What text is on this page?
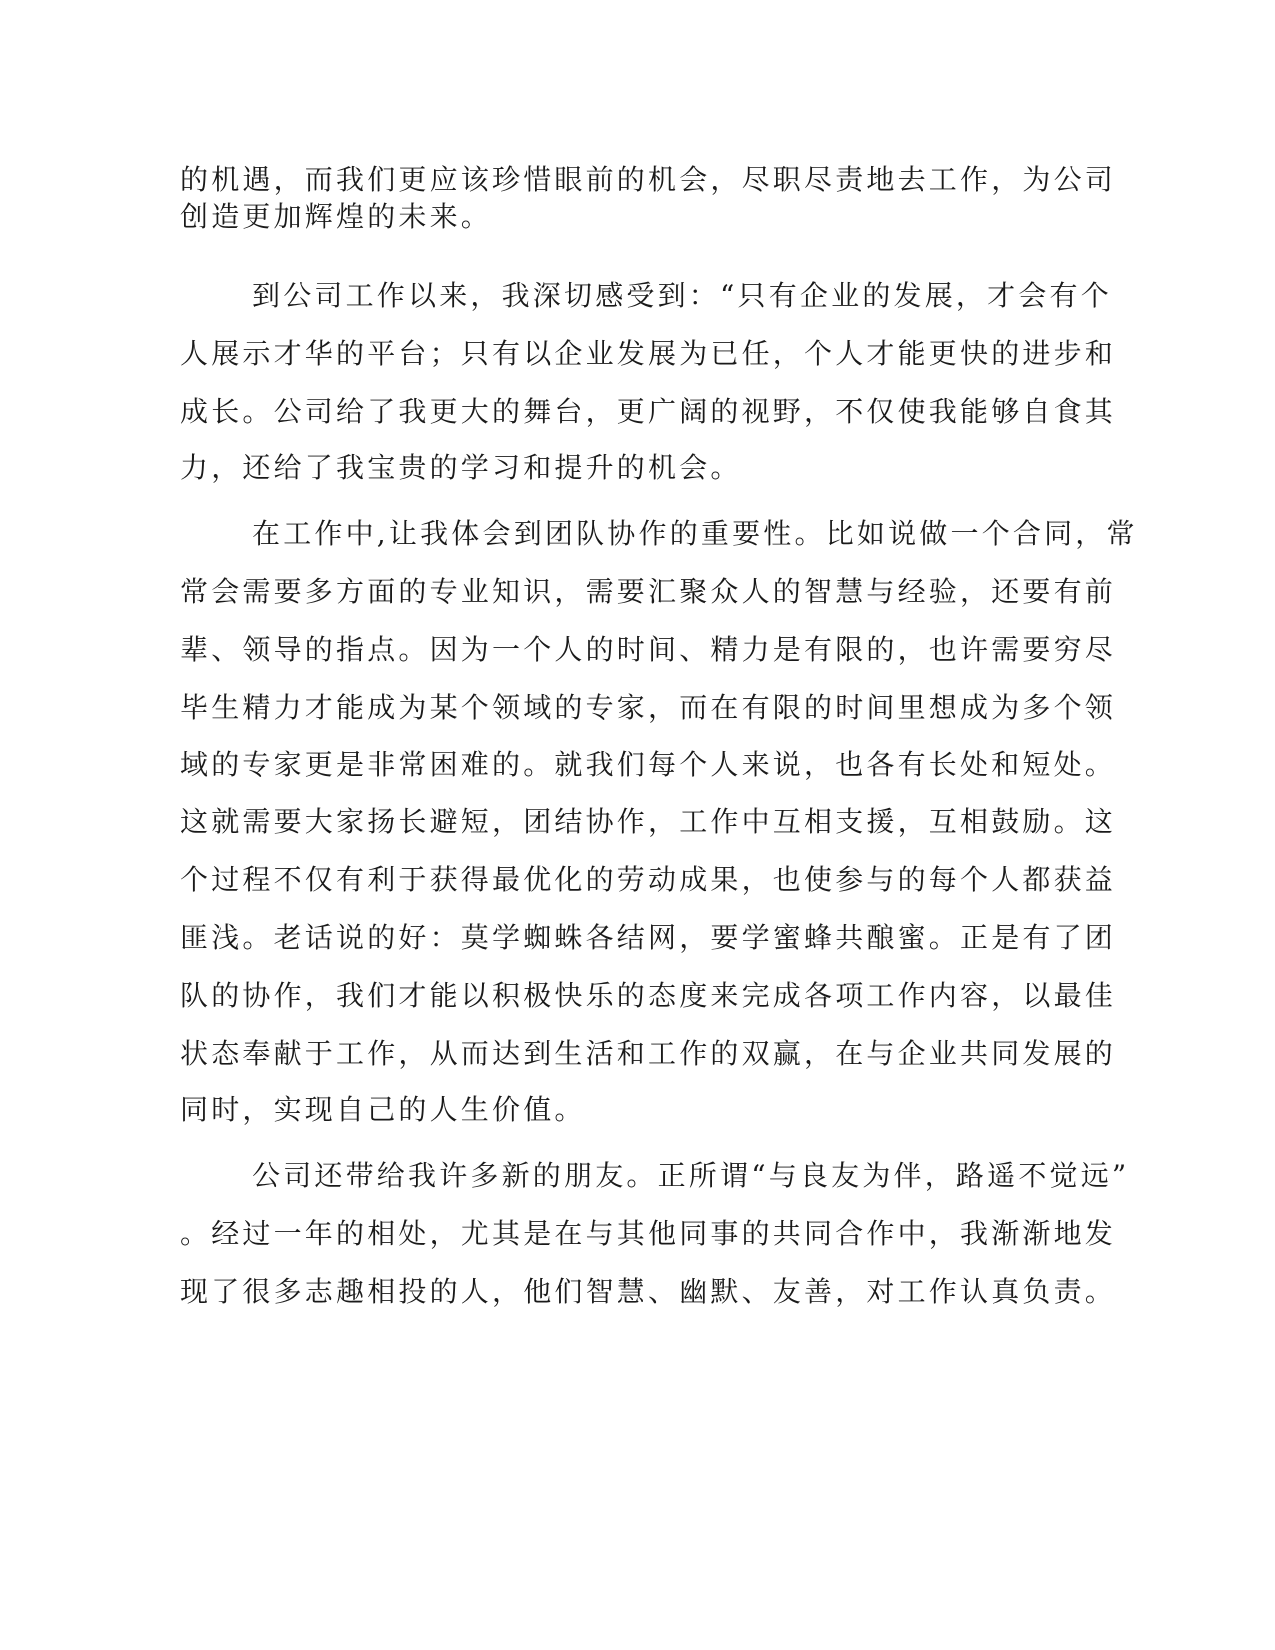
的机遇，而我们更应该珍惜眼前的机会，尽职尽责地去工作，为公司
创造更加辉煌的未来。
到公司工作以来，我深切感受到：“只有企业的发展，才会有个
人展示才华的平台；只有以企业发展为已任，个人才能更快的进步和
成长。公司给了我更大的舞台，更广阔的视野，不仅使我能够自食其
力，还给了我宝贵的学习和提升的机会。
在工作中,让我体会到团队协作的重要性。比如说做一个合同，常
常会需要多方面的专业知识，需要汇聚众人的智慧与经验，还要有前
辈、领导的指点。因为一个人的时间、精力是有限的，也许需要穷尽
毕生精力才能成为某个领域的专家，而在有限的时间里想成为多个领
域的专家更是非常困难的。就我们每个人来说，也各有长处和短处。
这就需要大家扬长避短，团结协作，工作中互相支援，互相鼓励。这
个过程不仅有利于获得最优化的劳动成果，也使参与的每个人都获益
匪浅。老话说的好：莫学蜘蛛各结网，要学蜜蜂共酿蜜。正是有了团
队的协作，我们才能以积极快乐的态度来完成各项工作内容，以最佳
状态奉献于工作，从而达到生活和工作的双赢，在与企业共同发展的
同时，实现自己的人生价值。
公司还带给我许多新的朋友。正所谓“与良友为伴，路遥不觉远”
。经过一年的相处，尤其是在与其他同事的共同合作中，我渐渐地发
现了很多志趣相投的人，他们智慧、幽默、友善，对工作认真负责。
